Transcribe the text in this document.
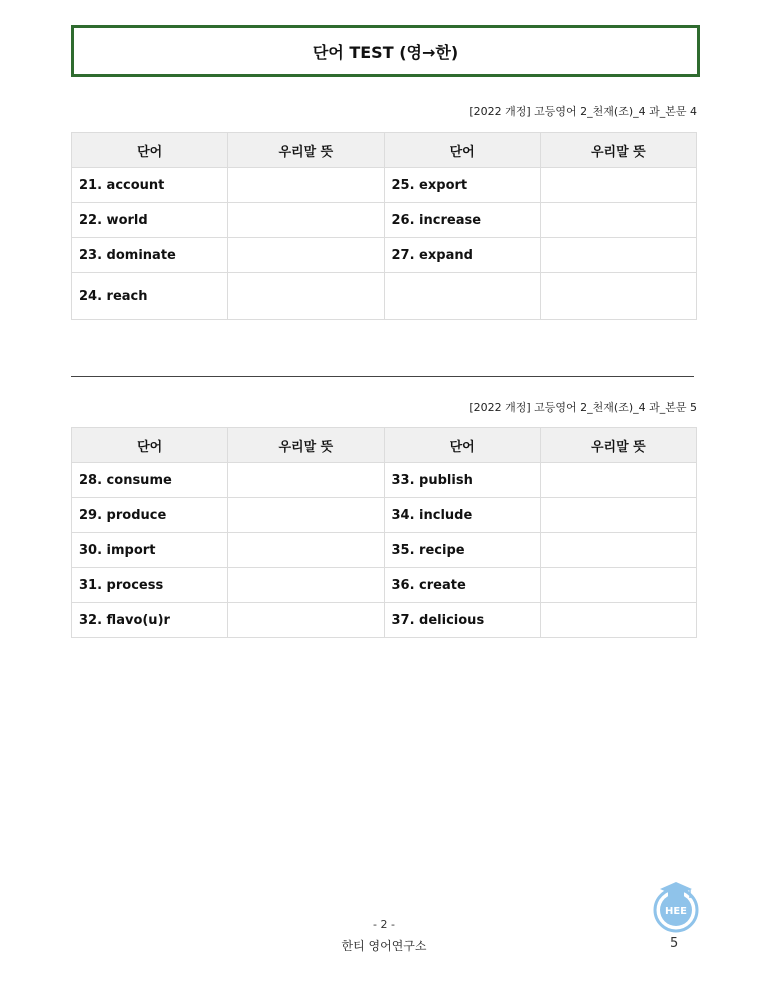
단어 TEST (영→한)
[2022 개정] 고등영어 2_천재(조)_4 과_본문 4
단어	우리말 뜻	단어	우리말 뜻
21. account		25. export	
22. world		26. increase	
23. dominate		27. expand	
24. reach			
[2022 개정] 고등영어 2_천재(조)_4 과_본문 5
단어	우리말 뜻	단어	우리말 뜻
28. consume		33. publish	
29. produce		34. include	
30. import		35. recipe	
31. process		36. create	
32. flavo(u)r		37. delicious	
- 2 -
한티 영어연구소
HEE
5
